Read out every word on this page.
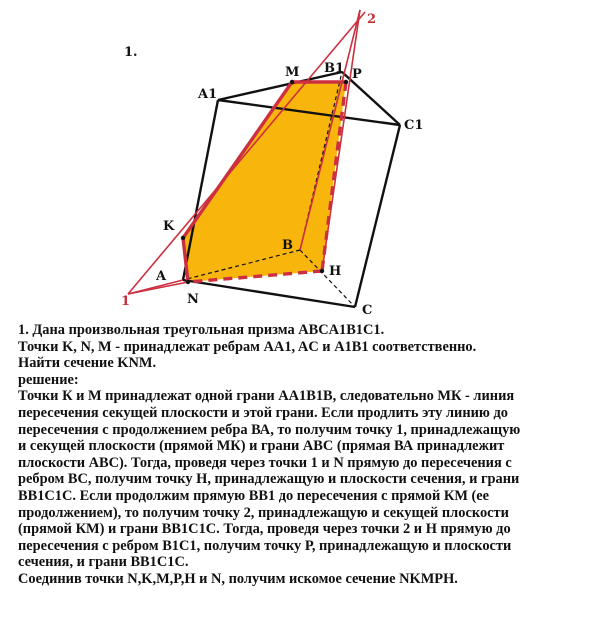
1.
A1
M B1 P
C1
K
B
H
A
N
C
1
2

1. Дана произвольная треугольная призма ABCA1B1C1.

Точки K, N, M - принадлежат ребрам AA1, AC и A1B1 соответственно.

Найти сечение KNM.

решение:

Точки К и М принадлежат одной грани AA1B1B, следовательно МК - линия
пересечения секущей плоскости и этой грани. Если продлить эту линию до
пересечения с продолжением ребра ВА, то получим точку 1, принадлежащую
и секущей плоскости (прямой МК) и грани АВС (прямая ВА принадлежит
плоскости АВС). Тогда, проведя через точки 1 и N прямую до пересечения с
ребром ВС, получим точку Н, принадлежащую и плоскости сечения, и грани
BB1C1C. Если продолжим прямую ВВ1 до пересечения с прямой КМ (ее
продолжением), то получим точку 2, принадлежащую и секущей плоскости
(прямой КМ) и грани BB1C1C. Тогда, проведя через точки 2 и Н прямую до
пересечения с ребром В1С1, получим точку Р, принадлежащую и плоскости
сечения, и грани BB1C1C.

Соединив точки N,K,M,P,H и N, получим искомое сечение NKMPH.
